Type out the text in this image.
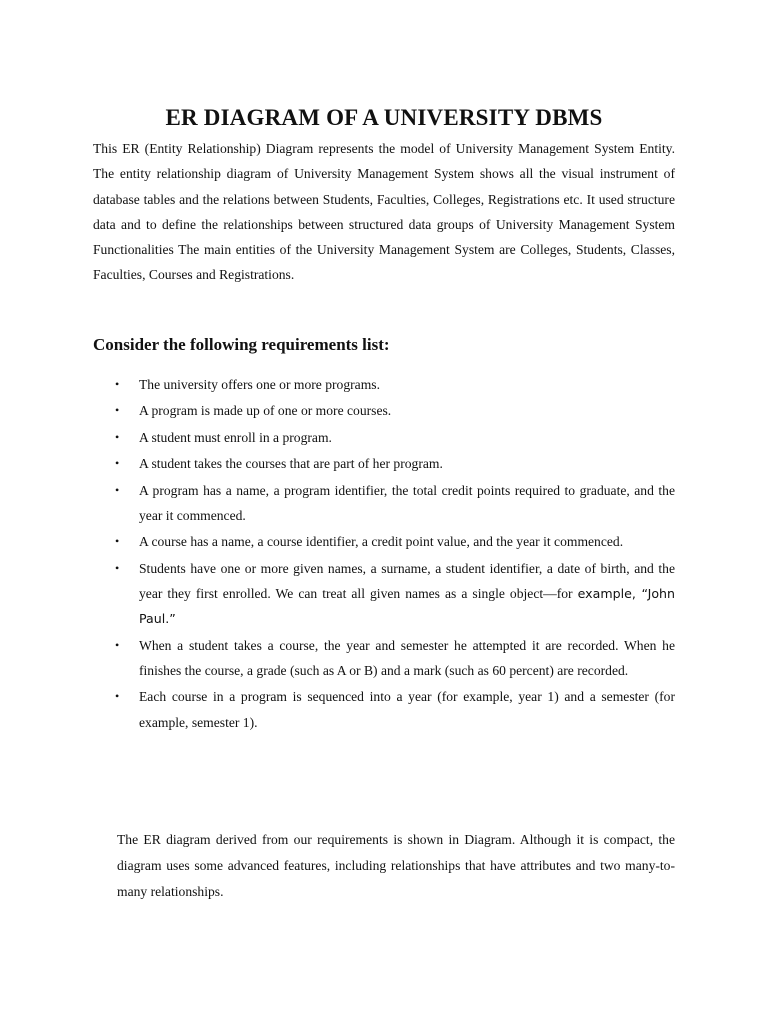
ER DIAGRAM OF A UNIVERSITY DBMS

This ER (Entity Relationship) Diagram represents the model of University Management System Entity. The entity relationship diagram of University Management System shows all the visual instrument of database tables and the relations between Students, Faculties, Colleges, Registrations etc. It used structure data and to define the relationships between structured data groups of University Management System Functionalities The main entities of the University Management System are Colleges, Students, Classes, Faculties, Courses and Registrations.

Consider the following requirements list:
• The university offers one or more programs.
• A program is made up of one or more courses.
• A student must enroll in a program.
• A student takes the courses that are part of her program.
• A program has a name, a program identifier, the total credit points required to graduate, and the year it commenced.
• A course has a name, a course identifier, a credit point value, and the year it commenced.
• Students have one or more given names, a surname, a student identifier, a date of birth, and the year they first enrolled. We can treat all given names as a single object—for example, “John Paul.”
• When a student takes a course, the year and semester he attempted it are recorded. When he finishes the course, a grade (such as A or B) and a mark (such as 60 percent) are recorded.
• Each course in a program is sequenced into a year (for example, year 1) and a semester (for example, semester 1).

The ER diagram derived from our requirements is shown in Diagram. Although it is compact, the diagram uses some advanced features, including relationships that have attributes and two many-to-many relationships.
